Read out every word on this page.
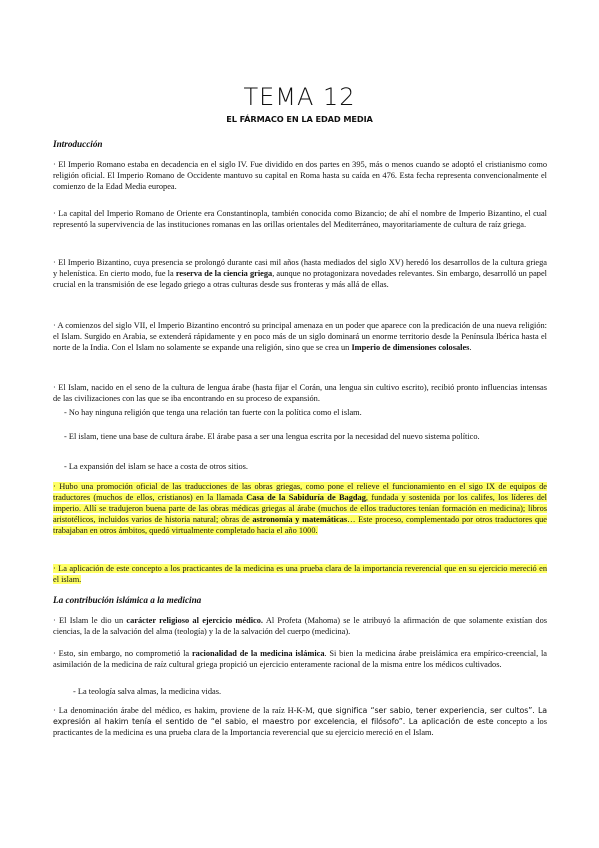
TEMA 12
EL FÁRMACO EN LA EDAD MEDIA
Introducción
· El Imperio Romano estaba en decadencia en el siglo IV. Fue dividido en dos partes en 395, más o menos cuando se adoptó el cristianismo como religión oficial. El Imperio Romano de Occidente mantuvo su capital en Roma hasta su caída en 476. Esta fecha representa convencionalmente el comienzo de la Edad Media europea.
· La capital del Imperio Romano de Oriente era Constantinopla, también conocida como Bizancio; de ahí el nombre de Imperio Bizantino, el cual representó la supervivencia de las instituciones romanas en las orillas orientales del Mediterráneo, mayoritariamente de cultura de raíz griega.
· El Imperio Bizantino, cuya presencia se prolongó durante casi mil años (hasta mediados del siglo XV) heredó los desarrollos de la cultura griega y helenística. En cierto modo, fue la reserva de la ciencia griega, aunque no protagonizara novedades relevantes. Sin embargo, desarrolló un papel crucial en la transmisión de ese legado griego a otras culturas desde sus fronteras y más allá de ellas.
· A comienzos del siglo VII, el Imperio Bizantino encontró su principal amenaza en un poder que aparece con la predicación de una nueva religión: el Islam. Surgido en Arabia, se extenderá rápidamente y en poco más de un siglo dominará un enorme territorio desde la Península Ibérica hasta el norte de la India. Con el Islam no solamente se expande una religión, sino que se crea un Imperio de dimensiones colosales.
· El Islam, nacido en el seno de la cultura de lengua árabe (hasta fijar el Corán, una lengua sin cultivo escrito), recibió pronto influencias intensas de las civilizaciones con las que se iba encontrando en su proceso de expansión.
- No hay ninguna religión que tenga una relación tan fuerte con la política como el islam.
- El islam, tiene una base de cultura árabe. El árabe pasa a ser una lengua escrita por la necesidad del nuevo sistema político.
- La expansión del islam se hace a costa de otros sitios.
· Hubo una promoción oficial de las traducciones de las obras griegas, como pone el relieve el funcionamiento en el sigo IX de equipos de traductores (muchos de ellos, cristianos) en la llamada Casa de la Sabiduría de Bagdag, fundada y sostenida por los califes, los líderes del imperio. Allí se tradujeron buena parte de las obras médicas griegas al árabe (muchos de ellos traductores tenían formación en medicina); libros aristotélicos, incluidos varios de historia natural; obras de astronomía y matemáticas… Este proceso, complementado por otros traductores que trabajaban en otros ámbitos, quedó virtualmente completado hacia el año 1000.
· La aplicación de este concepto a los practicantes de la medicina es una prueba clara de la importancia reverencial que en su ejercicio mereció en el islam.
La contribución islámica a la medicina
· El Islam le dio un carácter religioso al ejercicio médico. Al Profeta (Mahoma) se le atribuyó la afirmación de que solamente existían dos ciencias, la de la salvación del alma (teología) y la de la salvación del cuerpo (medicina).
· Esto, sin embargo, no comprometió la racionalidad de la medicina islámica. Si bien la medicina árabe preislámica era empírico-creencial, la asimilación de la medicina de raíz cultural griega propició un ejercicio enteramente racional de la misma entre los médicos cultivados.
- La teología salva almas, la medicina vidas.
· La denominación árabe del médico, es hakim, proviene de la raíz H-K-M, que significa “ser sabio, tener experiencia, ser cultos”. La expresión al hakim tenía el sentido de “el sabio, el maestro por excelencia, el filósofo”. La aplicación de este concepto a los practicantes de la medicina es una prueba clara de la Importancia reverencial que su ejercicio mereció en el Islam.
